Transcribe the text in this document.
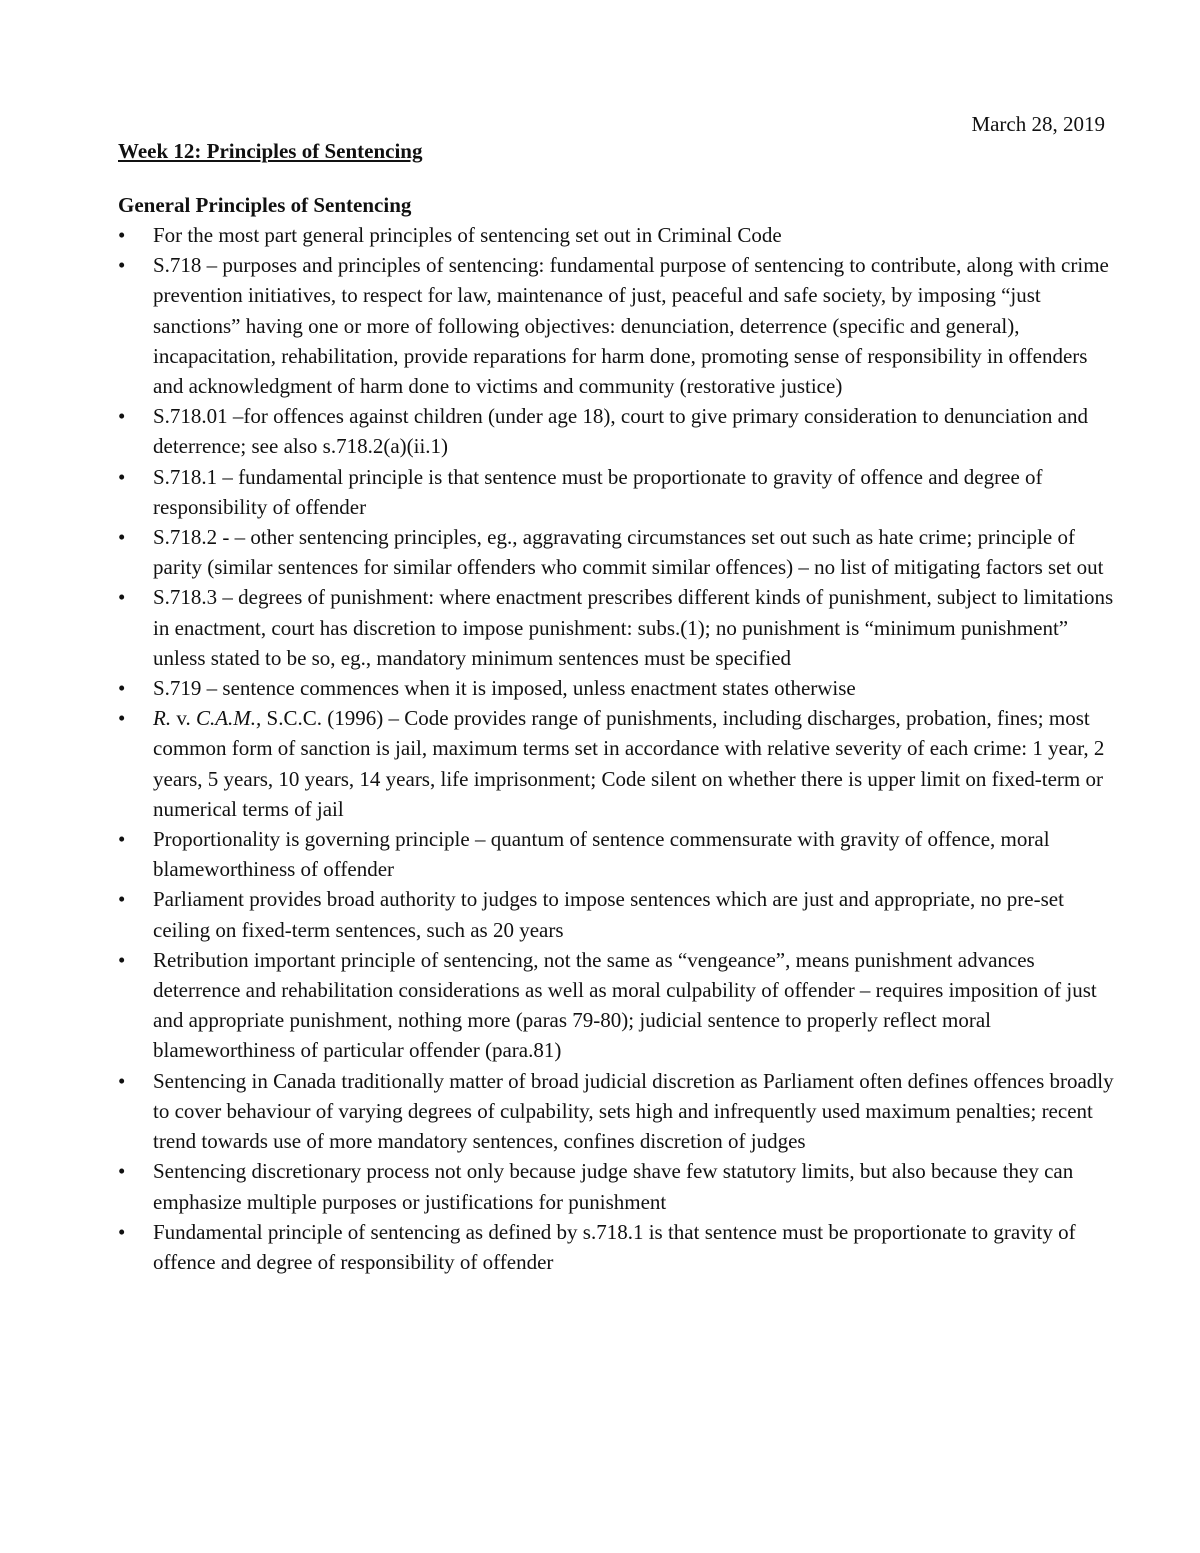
March 28, 2019

Week 12: Principles of Sentencing

General Principles of Sentencing

• For the most part general principles of sentencing set out in Criminal Code
• S.718 – purposes and principles of sentencing: fundamental purpose of sentencing to contribute, along with crime prevention initiatives, to respect for law, maintenance of just, peaceful and safe society, by imposing “just sanctions” having one or more of following objectives: denunciation, deterrence (specific and general), incapacitation, rehabilitation, provide reparations for harm done, promoting sense of responsibility in offenders and acknowledgment of harm done to victims and community (restorative justice)
• S.718.01 –for offences against children (under age 18), court to give primary consideration to denunciation and deterrence; see also s.718.2(a)(ii.1)
• S.718.1 – fundamental principle is that sentence must be proportionate to gravity of offence and degree of responsibility of offender
• S.718.2 - – other sentencing principles, eg., aggravating circumstances set out such as hate crime; principle of parity (similar sentences for similar offenders who commit similar offences) – no list of mitigating factors set out
• S.718.3 – degrees of punishment: where enactment prescribes different kinds of punishment, subject to limitations in enactment, court has discretion to impose punishment: subs.(1); no punishment is “minimum punishment” unless stated to be so, eg., mandatory minimum sentences must be specified
• S.719 – sentence commences when it is imposed, unless enactment states otherwise
• R. v. C.A.M., S.C.C. (1996) – Code provides range of punishments, including discharges, probation, fines; most common form of sanction is jail, maximum terms set in accordance with relative severity of each crime: 1 year, 2 years, 5 years, 10 years, 14 years, life imprisonment; Code silent on whether there is upper limit on fixed-term or numerical terms of jail
• Proportionality is governing principle – quantum of sentence commensurate with gravity of offence, moral blameworthiness of offender
• Parliament provides broad authority to judges to impose sentences which are just and appropriate, no pre-set ceiling on fixed-term sentences, such as 20 years
• Retribution important principle of sentencing, not the same as “vengeance”, means punishment advances deterrence and rehabilitation considerations as well as moral culpability of offender – requires imposition of just and appropriate punishment, nothing more (paras 79-80); judicial sentence to properly reflect moral blameworthiness of particular offender (para.81)
• Sentencing in Canada traditionally matter of broad judicial discretion as Parliament often defines offences broadly to cover behaviour of varying degrees of culpability, sets high and infrequently used maximum penalties; recent trend towards use of more mandatory sentences, confines discretion of judges
• Sentencing discretionary process not only because judge shave few statutory limits, but also because they can emphasize multiple purposes or justifications for punishment
• Fundamental principle of sentencing as defined by s.718.1 is that sentence must be proportionate to gravity of offence and degree of responsibility of offender
